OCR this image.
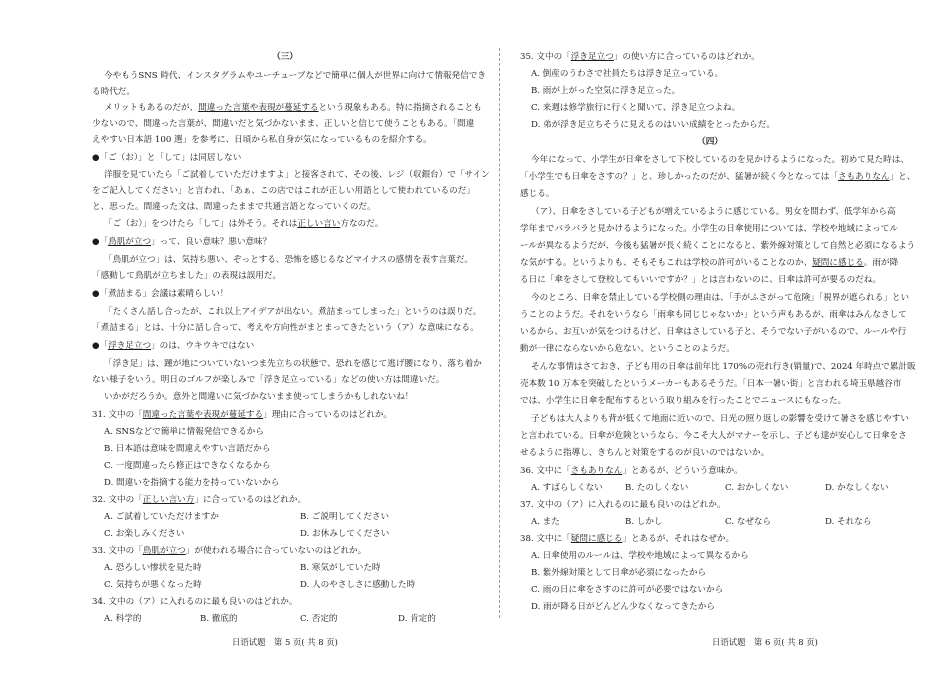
（三）
今やもうSNS 時代、インスタグラムやユーチューブなどで簡単に個人が世界に向けて情報発信でき
る時代だ。
メリットもあるのだが、間違った言葉や表現が蔓延するという現象もある。特に指摘されることも
少ないので、間違った言葉が、間違いだと気づかないまま、正しいと信じて使うこともある。「間違
えやすい日本語 100 選」を参考に、日頃から私自身が気になっているものを紹介する。
●「ご（お）」と「して」は同居しない
洋服を見ていたら「ご試着していただけますよ」と接客されて、その後、レジ（収銀台）で「サイン
をご記入してください」と言われ、「あぁ、この店ではこれが正しい用語として使われているのだ」
と、思った。間違った文は、間違ったままで共通言語となっていくのだ。
「ご（お）」をつけたら「して」は外そう。それは正しい言い方なのだ。
●「鳥肌が立つ」って、良い意味？悪い意味？
「鳥肌が立つ」は、気持ち悪い、ぞっとする、恐怖を感じるなどマイナスの感情を表す言葉だ。
「感動して鳥肌が立ちました」の表現は誤用だ。
●「煮詰まる」会議は素晴らしい！
「たくさん話し合ったが、これ以上アイデアが出ない。煮詰まってしまった」というのは誤りだ。
「煮詰まる」とは、十分に話し合って、考えや方向性がまとまってきたという（ア）な意味になる。
●「浮き足立つ」のは、ウキウキではない
「浮き足」は、踵が地についていないつま先立ちの状態で、恐れを感じて逃げ腰になり、落ち着か
ない様子をいう。明日のゴルフが楽しみで「浮き足立っている」などの使い方は間違いだ。
いかがだろうか。意外と間違いに気づかないまま使ってしまうかもしれないね！
31. 文中の「間違った言葉や表現が蔓延する」理由に合っているのはどれか。
A. SNSなどで簡単に情報発信できるから
B. 日本語は意味を間違えやすい言語だから
C. 一度間違ったら修正はできなくなるから
D. 間違いを指摘する能力を持っていないから
32. 文中の「正しい言い方」に合っているのはどれか。
A. ご試着していただけますか	B. ご説明してください
C. お楽しみください	D. お休みしてください
33. 文中の「鳥肌が立つ」が使われる場合に合っていないのはどれか。
A. 恐ろしい惨状を見た時	B. 寒気がしていた時
C. 気持ちが悪くなった時	D. 人のやさしさに感動した時
34. 文中の（ア）に入れるのに最も良いのはどれか。
A. 科学的	B. 徹底的	C. 否定的	D. 肯定的
日语试题　第 5 页( 共 8 页)
35. 文中の「浮き足立つ」の使い方に合っているのはどれか。
A. 倒産のうわさで社員たちは浮き足立っている。
B. 雨が上がった空気に浮き足立った。
C. 来週は修学旅行に行くと聞いて、浮き足立つよね。
D. 弟が浮き足立ちそうに見えるのはいい成績をとったからだ。
（四）
今年になって、小学生が日傘をさして下校しているのを見かけるようになった。初めて見た時は、
「小学生でも日傘をさすの？」と、珍しかったのだが、猛暑が続く今となっては「さもありなん」と、
感じる。
（ア）、日傘をさしている子どもが増えているように感じている。男女を問わず、低学年から高
学年までバラバラと見かけるようになった。小学生の日傘使用については、学校や地域によってル
ールが異なるようだが、今後も猛暑が長く続くことになると、紫外線対策として自然と必須になるよう
な気がする。というよりも、そもそもこれは学校の許可がいることなのか、疑問に感じる。雨が降
る日に「傘をさして登校してもいいですか？」とは言わないのに、日傘は許可が要るのだね。
今のところ、日傘を禁止している学校側の理由は、「手がふさがって危険」「視界が遮られる」とい
うことのようだ。それをいうなら「雨傘も同じじゃないか」という声もあるが、雨傘はみんなさして
いるから、お互いが気をつけるけど、日傘はさしている子と、そうでない子がいるので、ルールや行
動が一律にならないから危ない、ということのようだ。
そんな事情はさておき、子ども用の日傘は前年比 170%の売れ行き(销量)で、2024 年時点で累計販
売本数 10 万本を突破したというメーカーもあるそうだ。「日本一暑い街」と言われる埼玉県越谷市
では、小学生に日傘を配布するという取り組みを行ったことでニュースにもなった。
子どもは大人よりも背が低くて地面に近いので、日光の照り返しの影響を受けて暑さを感じやすい
と言われている。日傘が危険というなら、今こそ大人がマナーを示し、子ども達が安心して日傘をさ
せるように指導し、きちんと対策をするのが良いのではないか。
36. 文中に「さもありなん」とあるが、どういう意味か。
A. すばらしくない	B. たのしくない	C. おかしくない	D. かなしくない
37. 文中の（ア）に入れるのに最も良いのはどれか。
A. また	B. しかし	C. なぜなら	D. それなら
38. 文中に「疑問に感じる」とあるが、それはなぜか。
A. 日傘使用のルールは、学校や地域によって異なるから
B. 紫外線対策として日傘が必須になったから
C. 雨の日に傘をさすのに許可が必要ではないから
D. 雨が降る日がどんどん少なくなってきたから
日语试题　第 6 页( 共 8 页)
